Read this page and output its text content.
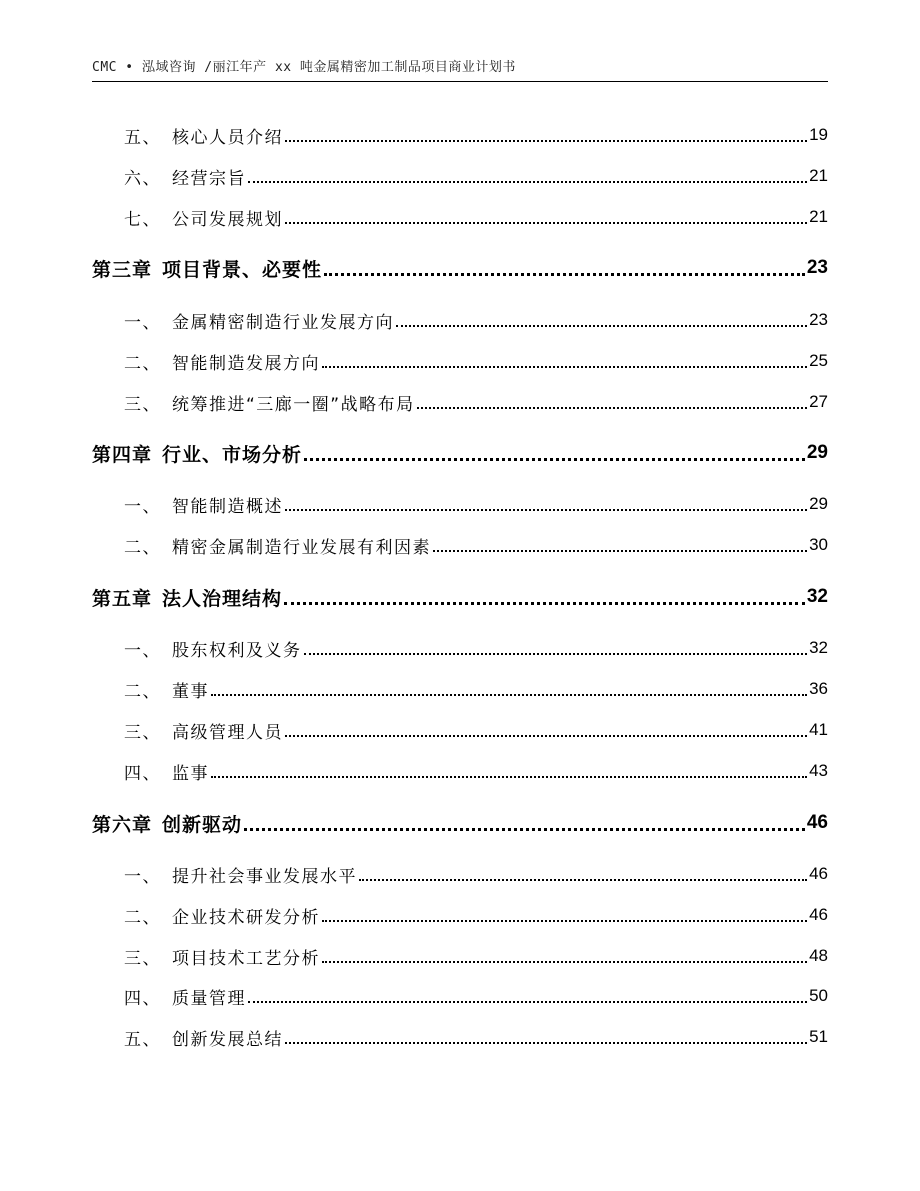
CMC • 泓域咨询 /丽江年产 xx 吨金属精密加工制品项目商业计划书
五、 核心人员介绍	19
六、 经营宗旨	21
七、 公司发展规划	21
第三章 项目背景、必要性	23
一、 金属精密制造行业发展方向	23
二、 智能制造发展方向	25
三、 统筹推进“三廊一圈”战略布局	27
第四章 行业、市场分析	29
一、 智能制造概述	29
二、 精密金属制造行业发展有利因素	30
第五章 法人治理结构	32
一、 股东权利及义务	32
二、 董事	36
三、 高级管理人员	41
四、 监事	43
第六章 创新驱动	46
一、 提升社会事业发展水平	46
二、 企业技术研发分析	46
三、 项目技术工艺分析	48
四、 质量管理	50
五、 创新发展总结	51
